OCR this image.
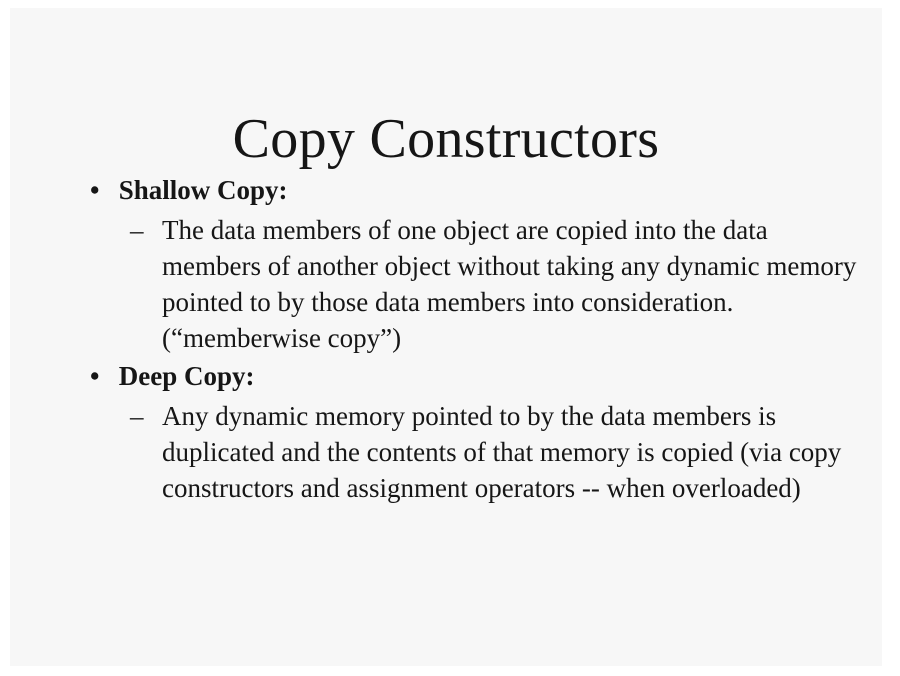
Copy Constructors
• Shallow Copy:
– The data members of one object are copied into the data members of another object without taking any dynamic memory pointed to by those data members into consideration. (“memberwise copy”)

• Deep Copy:
– Any dynamic memory pointed to by the data members is duplicated and the contents of that memory is copied (via copy constructors and assignment operators -- when overloaded)
